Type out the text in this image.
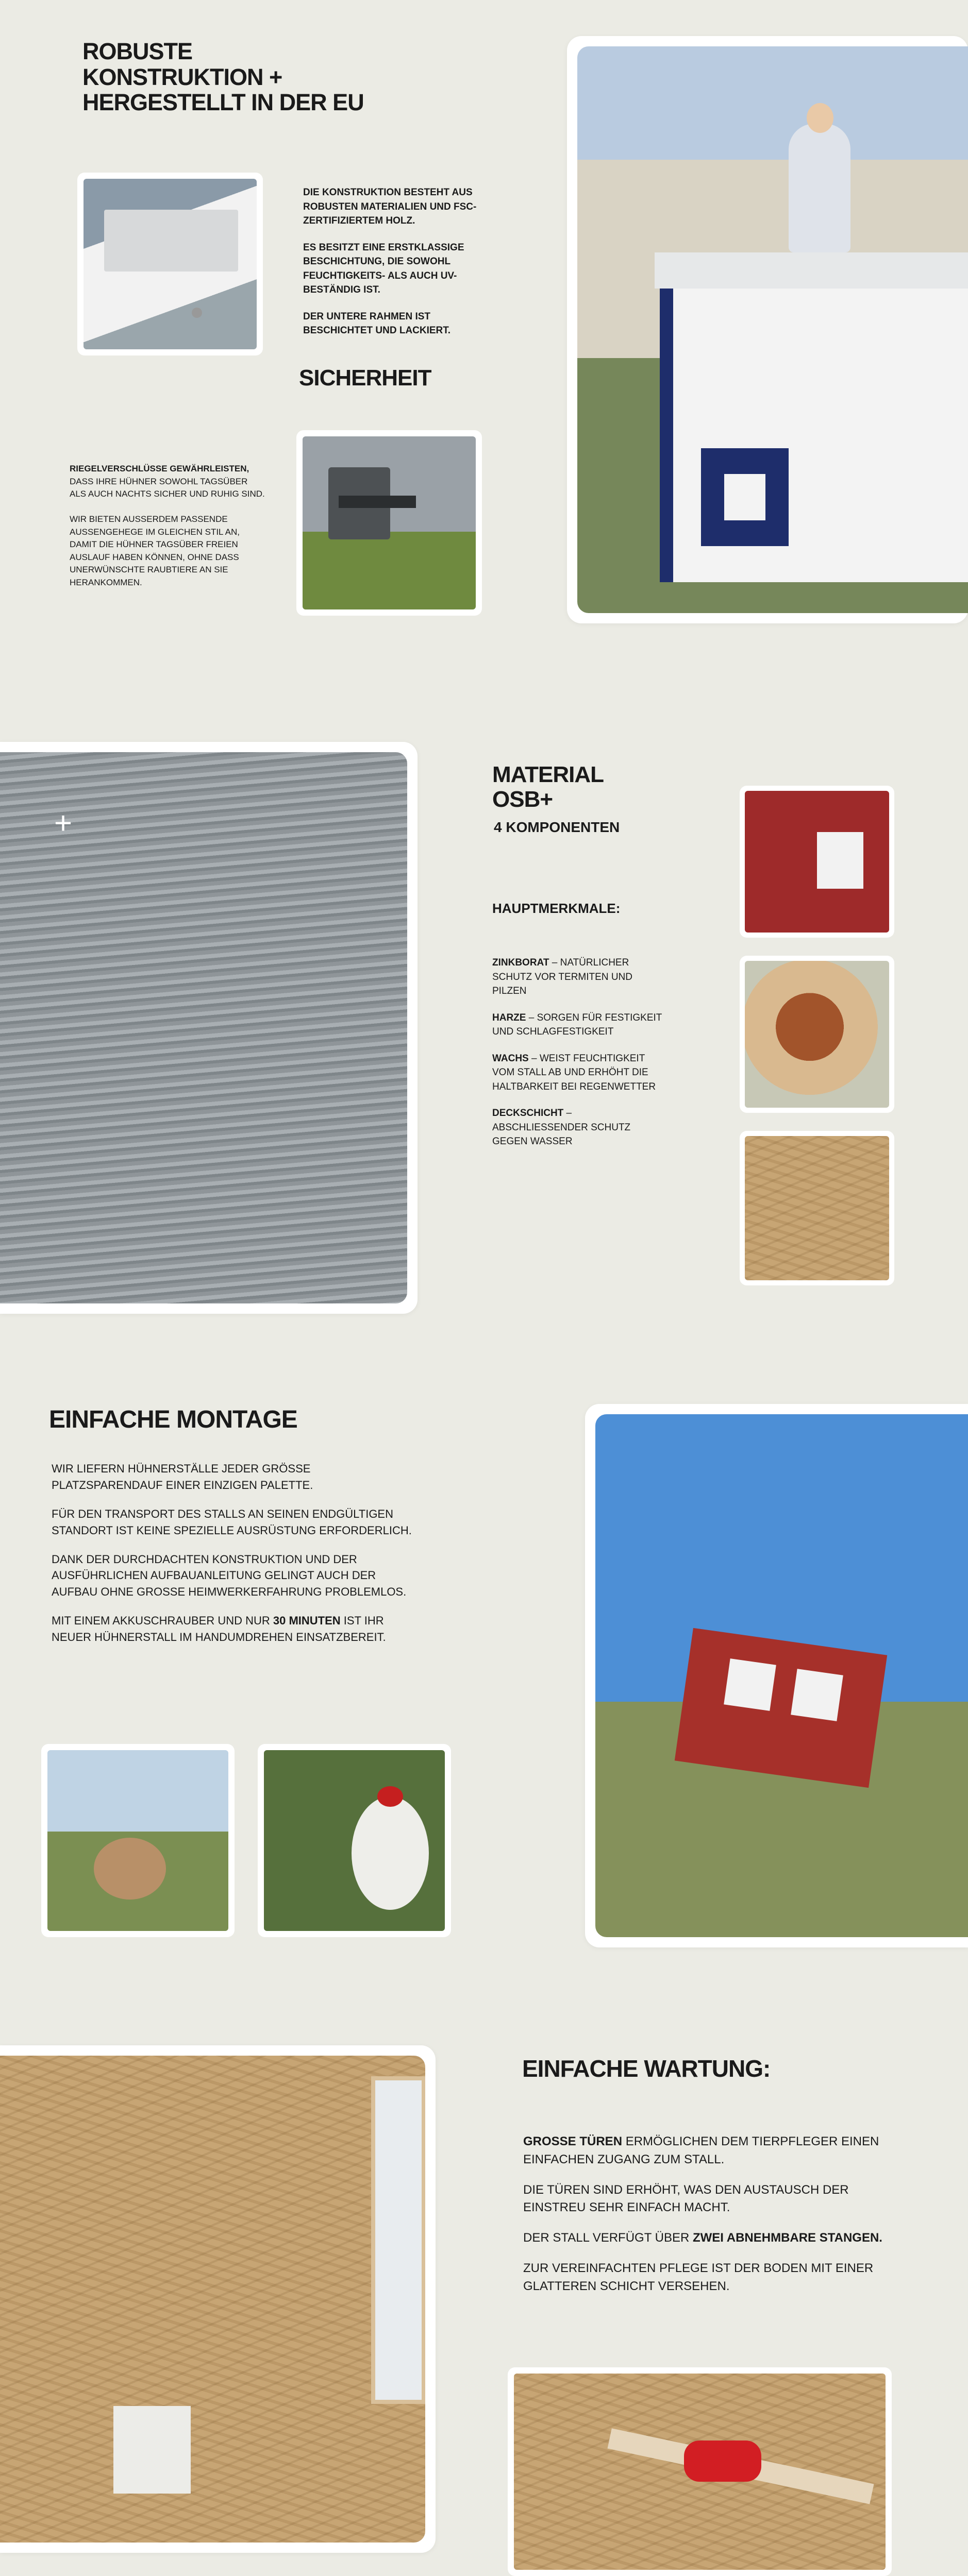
ROBUSTE
KONSTRUKTION +
HERGESTELLT IN DER EU

DIE KONSTRUKTION BESTEHT AUS ROBUSTEN MATERIALIEN UND FSC-ZERTIFIZIERTEM HOLZ.

ES BESITZT EINE ERSTKLASSIGE BESCHICHTUNG, DIE SOWOHL FEUCHTIGKEITS- ALS AUCH UV-BESTÄNDIG IST.

DER UNTERE RAHMEN IST BESCHICHTET UND LACKIERT.

SICHERHEIT

RIEGELVERSCHLÜSSE GEWÄHRLEISTEN, DASS IHRE HÜHNER SOWOHL TAGSÜBER ALS AUCH NACHTS SICHER UND RUHIG SIND.

WIR BIETEN AUSSERDEM PASSENDE AUSSENGEHEGE IM GLEICHEN STIL AN, DAMIT DIE HÜHNER TAGSÜBER FREIEN AUSLAUF HABEN KÖNNEN, OHNE DASS UNERWÜNSCHTE RAUBTIERE AN SIE HERANKOMMEN.

+
MATERIAL
OSB+
4 KOMPONENTEN
HAUPTMERKMALE:

ZINKBORAT – NATÜRLICHER SCHUTZ VOR TERMITEN UND PILZEN

HARZE – SORGEN FÜR FESTIGKEIT UND SCHLAGFESTIGKEIT

WACHS – WEIST FEUCHTIGKEIT VOM STALL AB UND ERHÖHT DIE HALTBARKEIT BEI REGENWETTER

DECKSCHICHT – ABSCHLIESSENDER SCHUTZ GEGEN WASSER

EINFACHE MONTAGE

WIR LIEFERN HÜHNERSTÄLLE JEDER GRÖSSE PLATZSPARENDAUF EINER EINZIGEN PALETTE.

FÜR DEN TRANSPORT DES STALLS AN SEINEN ENDGÜLTIGEN STANDORT IST KEINE SPEZIELLE AUSRÜSTUNG ERFORDERLICH.

DANK DER DURCHDACHTEN KONSTRUKTION UND DER AUSFÜHRLICHEN AUFBAUANLEITUNG GELINGT AUCH DER AUFBAU OHNE GROSSE HEIMWERKERFAHRUNG PROBLEMLOS.

MIT EINEM AKKUSCHRAUBER UND NUR 30 MINUTEN IST IHR NEUER HÜHNERSTALL IM HANDUMDREHEN EINSATZBEREIT.

EINFACHE WARTUNG:

GROSSE TÜREN ERMÖGLICHEN DEM TIERPFLEGER EINEN EINFACHEN ZUGANG ZUM STALL.

DIE TÜREN SIND ERHÖHT, WAS DEN AUSTAUSCH DER EINSTREU SEHR EINFACH MACHT.

DER STALL VERFÜGT ÜBER ZWEI ABNEHMBARE STANGEN.

ZUR VEREINFACHTEN PFLEGE IST DER BODEN MIT EINER GLATTEREN SCHICHT VERSEHEN.
